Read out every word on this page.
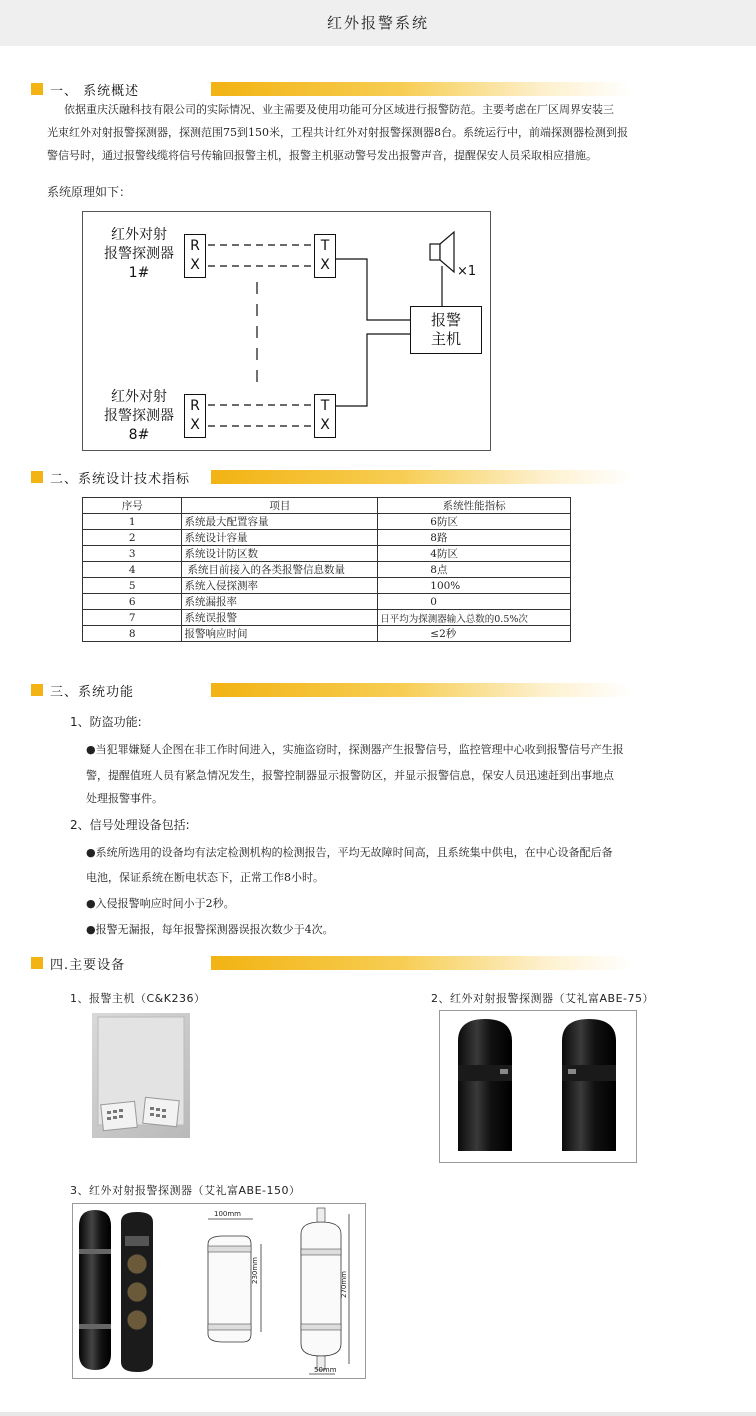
红外报警系统
一、 系统概述
依据重庆沃融科技有限公司的实际情况、业主需要及使用功能可分区域进行报警防范。主要考虑在厂区周界安装三
光束红外对射报警探测器，探测范围75到150米，工程共计红外对射报警探测器8台。系统运行中，前端探测器检测到报
警信号时，通过报警线缆将信号传输回报警主机，报警主机驱动警号发出报警声音，提醒保安人员采取相应措施。
系统原理如下：
红外对射
报警探测器
1#
R
X
T
X	×1
报警
主机
红外对射
报警探测器
8#
R
X
T
X
二、系统设计技术指标
序号	项目	系统性能指标
1	系统最大配置容量	6防区
2	系统设计容量	8路
3	系统设计防区数	4防区
4	系统目前接入的各类报警信息数量	8点
5	系统入侵探测率	100%
6	系统漏报率	0
7	系统误报警	日平均为探测器输入总数的0.5%次
8	报警响应时间	≤2秒
三、系统功能
1、防盗功能:
●当犯罪嫌疑人企图在非工作时间进入，实施盗窃时，探测器产生报警信号，监控管理中心收到报警信号产生报
警，提醒值班人员有紧急情况发生，报警控制器显示报警防区，并显示报警信息，保安人员迅速赶到出事地点
处理报警事件。
2、信号处理设备包括:
●系统所选用的设备均有法定检测机构的检测报告，平均无故障时间高，且系统集中供电，在中心设备配后备
电池，保证系统在断电状态下，正常工作8小时。
●入侵报警响应时间小于2秒。
●报警无漏报，每年报警探测器误报次数少于4次。
四.主要设备
1、报警主机（C&K236）	2、红外对射报警探测器（艾礼富ABE-75）
3、红外对射报警探测器（艾礼富ABE-150）
100mm
230mm
270mm
50mm
